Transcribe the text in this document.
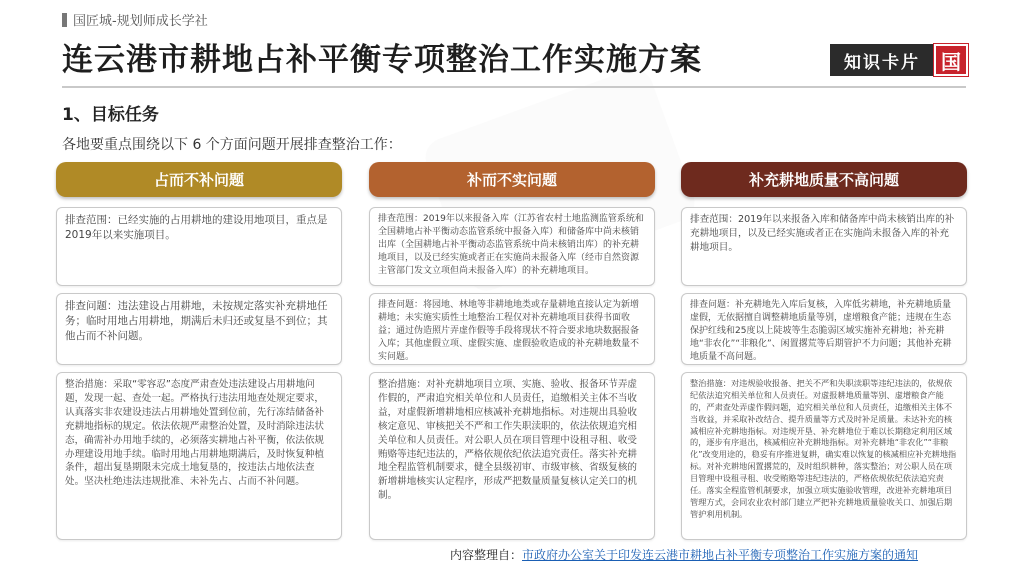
国匠城-规划师成长学社
连云港市耕地占补平衡专项整治工作实施方案	知识卡片	国
1、目标任务
各地要重点围绕以下 6 个方面问题开展排查整治工作：
占而不补问题

排查范围：已经实施的占用耕地的建设用地项目，重点是2019年以来实施项目。

排查问题：违法建设占用耕地，未按规定落实补充耕地任务；临时用地占用耕地，期满后未归还或复垦不到位；其他占而不补问题。

整治措施：采取“零容忍”态度严肃查处违法建设占用耕地问题，发现一起、查处一起。严格执行违法用地查处规定要求，认真落实非农建设违法占用耕地处置到位前，先行冻结储备补充耕地指标的规定。依法依规严肃整治处置，及时消除违法状态，确需补办用地手续的，必须落实耕地占补平衡，依法依规办理建设用地手续。临时用地占用耕地期满后，及时恢复种植条件，超出复垦期限未完成土地复垦的，按违法占地依法查处。坚决杜绝违法违规批准、未补先占、占而不补问题。

补而不实问题

排查范围：2019年以来报备入库（江苏省农村土地监测监管系统和全国耕地占补平衡动态监管系统中报备入库）和储备库中尚未核销出库（全国耕地占补平衡动态监管系统中尚未核销出库）的补充耕地项目，以及已经实施或者正在实施尚未报备入库（经市自然资源主管部门发文立项但尚未报备入库）的补充耕地项目。

排查问题：将园地、林地等非耕地地类或存量耕地直接认定为新增耕地；未实施实质性土地整治工程仅对补充耕地项目获得书面收益；通过伪造照片弄虚作假等手段将现状不符合要求地块数据报备入库；其他虚假立项、虚假实施、虚假验收造成的补充耕地数量不实问题。

整治措施：对补充耕地项目立项、实施、验收、报备环节弄虚作假的，严肃追究相关单位和人员责任，追缴相关主体不当收益，对虚假新增耕地相应核减补充耕地指标。对违规出具验收核定意见、审核把关不严和工作失职渎职的，依法依规追究相关单位和人员责任。对公职人员在项目管理中设租寻租、收受贿赂等违纪违法的，严格依规依纪依法追究责任。落实补充耕地全程监管机制要求，健全县级初审、市级审核、省级复核的新增耕地核实认定程序，形成严把数量质量复核认定关口的机制。

补充耕地质量不高问题

排查范围：2019年以来报备入库和储备库中尚未核销出库的补充耕地项目，以及已经实施或者正在实施尚未报备入库的补充耕地项目。

排查问题：补充耕地先入库后复核，入库低劣耕地，补充耕地质量虚假，无依据擅自调整耕地质量等别，虚增粮食产能；违规在生态保护红线和25度以上陡坡等生态脆弱区域实施补充耕地；补充耕地“非农化”“非粮化”、闲置撂荒等后期管护不力问题；其他补充耕地质量不高问题。

整治措施：对违规验收报备、把关不严和失职渎职等违纪违法的，依规依纪依法追究相关单位和人员责任。对虚报耕地质量等别、虚增粮食产能的，严肃查处弄虚作假问题，追究相关单位和人员责任，追缴相关主体不当收益，并采取补改结合、提升质量等方式及时补足质量。未达补充的核减相应补充耕地指标。对违规开垦、补充耕地位于难以长期稳定利用区域的，逐步有序退出，核减相应补充耕地指标。对补充耕地“非农化”“非粮化”改变用途的，稳妥有序推进复耕，确实难以恢复的核减相应补充耕地指标。对补充耕地闲置撂荒的，及时组织耕种，落实整治；对公职人员在项目管理中设租寻租、收受贿赂等违纪违法的，严格依规依纪依法追究责任。落实全程监管机制要求，加强立项实施验收管理，改进补充耕地项目管理方式，会同农业农村部门建立严把补充耕地质量验收关口、加强后期管护利用机制。

内容整理自：市政府办公室关于印发连云港市耕地占补平衡专项整治工作实施方案的通知
